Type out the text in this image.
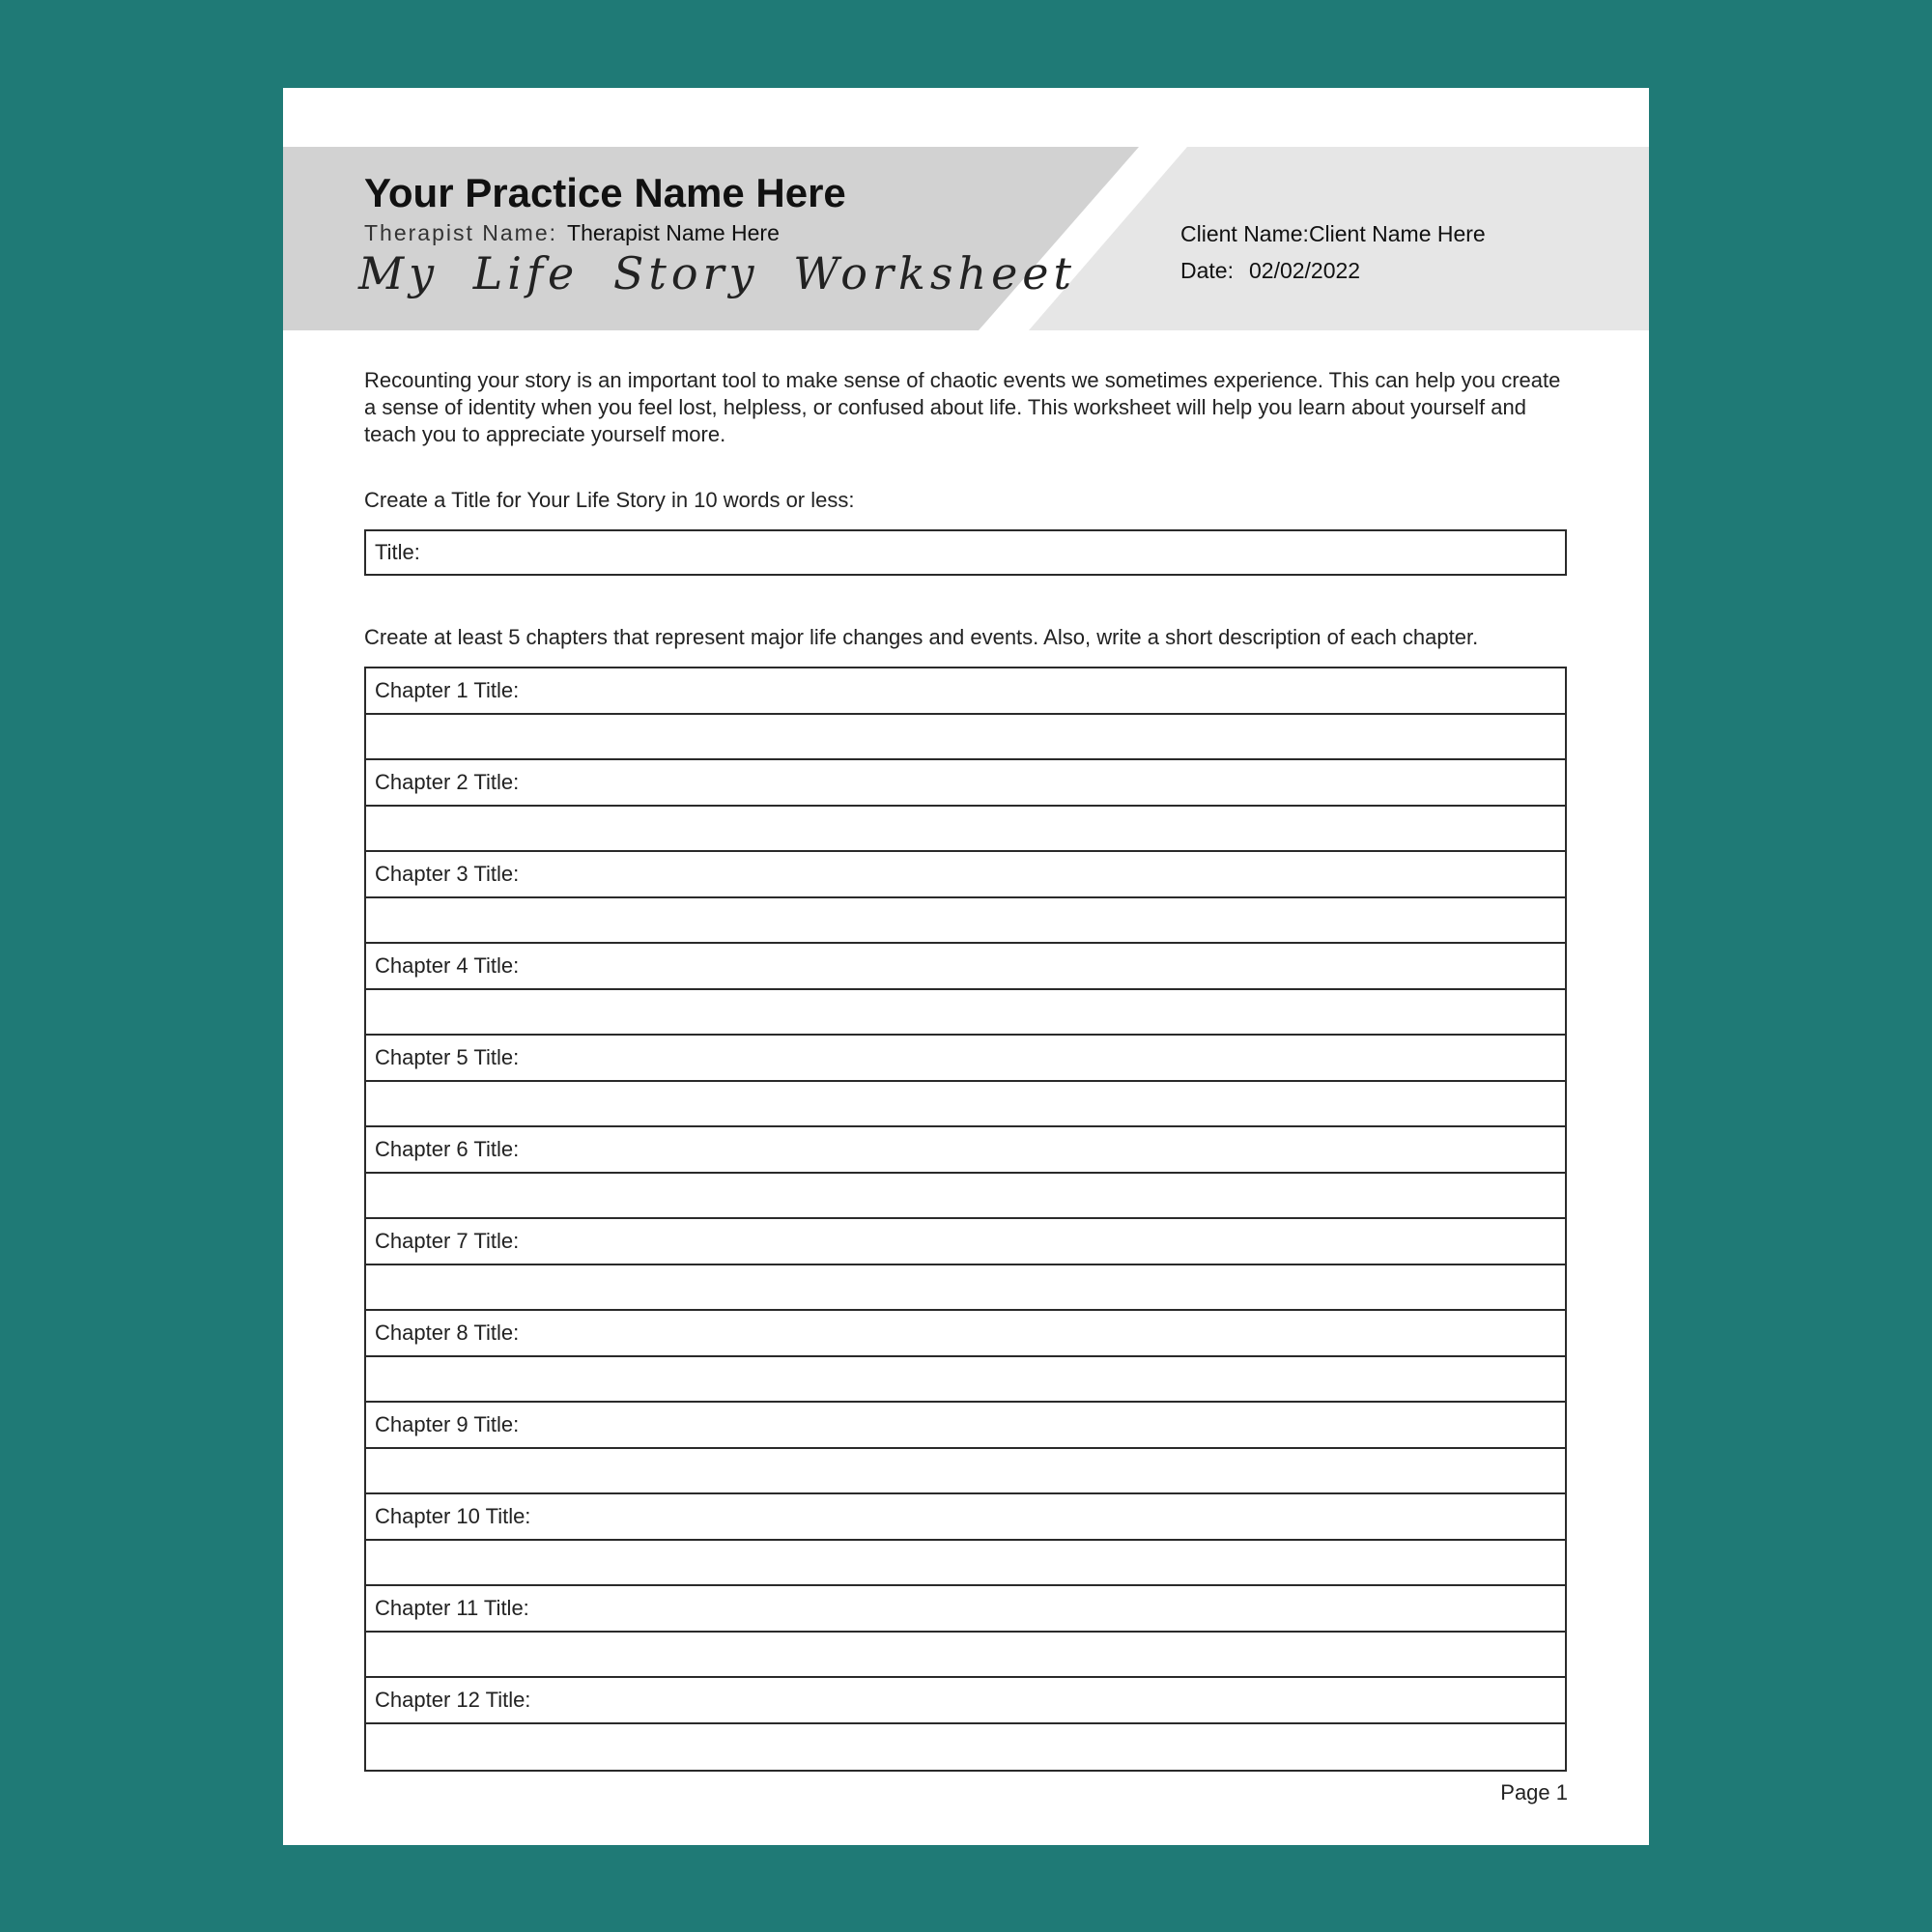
Your Practice Name Here
Therapist Name: Therapist Name Here
My Life Story Worksheet
Client Name:Client Name Here
Date: 02/02/2022

Recounting your story is an important tool to make sense of chaotic events we sometimes experience. This can help you create a sense of identity when you feel lost, helpless, or confused about life. This worksheet will help you learn about yourself and teach you to appreciate yourself more.

Create a Title for Your Life Story in 10 words or less:
Title:
Create at least 5 chapters that represent major life changes and events. Also, write a short description of each chapter.
Chapter 1 Title:
Chapter 2 Title:
Chapter 3 Title:
Chapter 4 Title:
Chapter 5 Title:
Chapter 6 Title:
Chapter 7 Title:
Chapter 8 Title:
Chapter 9 Title:
Chapter 10 Title:
Chapter 11 Title:
Chapter 12 Title:
Page 1
